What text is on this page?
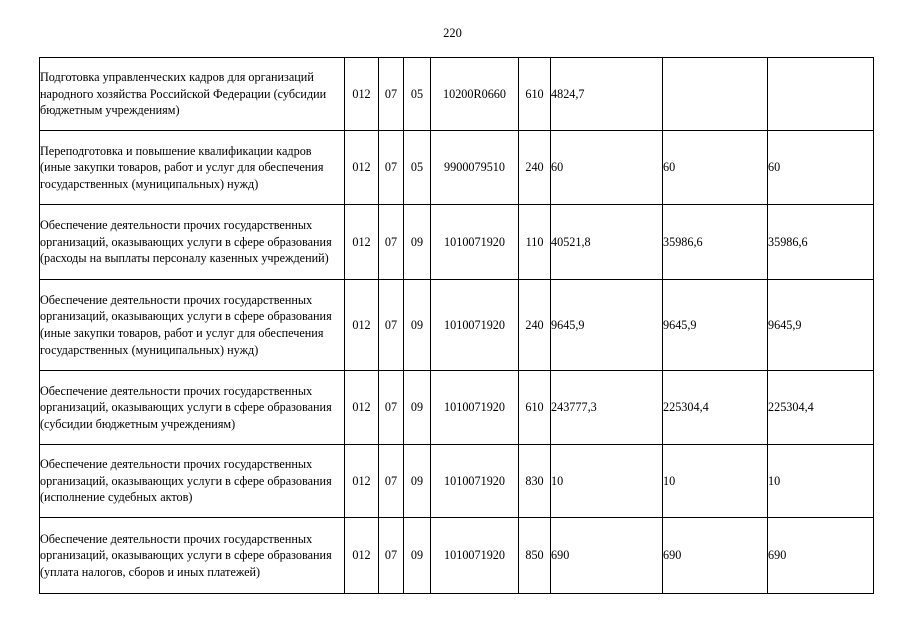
220
Подготовка управленческих кадров для организаций народного хозяйства Российской Федерации (субсидии бюджетным учреждениям)	012	07	05	10200R0660	610	4824,7		
Переподготовка и повышение квалификации кадров (иные закупки товаров, работ и услуг для обеспечения государственных (муниципальных) нужд)	012	07	05	9900079510	240	60	60	60
Обеспечение деятельности прочих государственных организаций, оказывающих услуги в сфере образования (расходы на выплаты персоналу казенных учреждений)	012	07	09	1010071920	110	40521,8	35986,6	35986,6
Обеспечение деятельности прочих государственных организаций, оказывающих услуги в сфере образования (иные закупки товаров, работ и услуг для обеспечения государственных (муниципальных) нужд)	012	07	09	1010071920	240	9645,9	9645,9	9645,9
Обеспечение деятельности прочих государственных организаций, оказывающих услуги в сфере образования (субсидии бюджетным учреждениям)	012	07	09	1010071920	610	243777,3	225304,4	225304,4
Обеспечение деятельности прочих государственных организаций, оказывающих услуги в сфере образования (исполнение судебных актов)	012	07	09	1010071920	830	10	10	10
Обеспечение деятельности прочих государственных организаций, оказывающих услуги в сфере образования (уплата налогов, сборов и иных платежей)	012	07	09	1010071920	850	690	690	690
